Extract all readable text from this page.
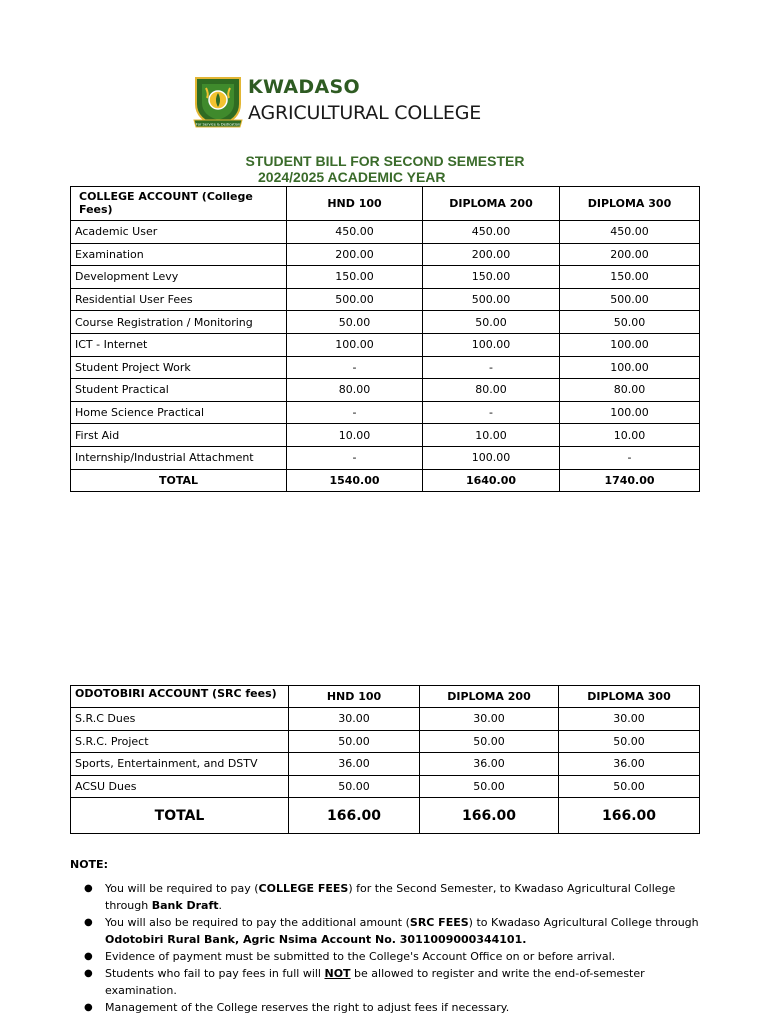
For Service & Dedication
KWADASO
AGRICULTURAL COLLEGE
STUDENT BILL FOR SECOND SEMESTER
2024/2025 ACADEMIC YEAR
COLLEGE ACCOUNT (College Fees)	HND 100	DIPLOMA 200	DIPLOMA 300
Academic User	450.00	450.00	450.00
Examination	200.00	200.00	200.00
Development Levy	150.00	150.00	150.00
Residential User Fees	500.00	500.00	500.00
Course Registration / Monitoring	50.00	50.00	50.00
ICT - Internet	100.00	100.00	100.00
Student Project Work	-	-	100.00
Student Practical	80.00	80.00	80.00
Home Science Practical	-	-	100.00
First Aid	10.00	10.00	10.00
Internship/Industrial Attachment	-	100.00	-
TOTAL	1540.00	1640.00	1740.00
ODOTOBIRI ACCOUNT (SRC fees)	HND 100	DIPLOMA 200	DIPLOMA 300
S.R.C Dues	30.00	30.00	30.00
S.R.C. Project	50.00	50.00	50.00
Sports, Entertainment, and DSTV	36.00	36.00	36.00
ACSU Dues	50.00	50.00	50.00
TOTAL	166.00	166.00	166.00
NOTE:
● You will be required to pay (COLLEGE FEES) for the Second Semester, to Kwadaso Agricultural College through Bank Draft.
● You will also be required to pay the additional amount (SRC FEES) to Kwadaso Agricultural College through Odotobiri Rural Bank, Agric Nsima Account No. 3011009000344101.
● Evidence of payment must be submitted to the College's Account Office on or before arrival.
● Students who fail to pay fees in full will NOT be allowed to register and write the end-of-semester examination.
● Management of the College reserves the right to adjust fees if necessary.
